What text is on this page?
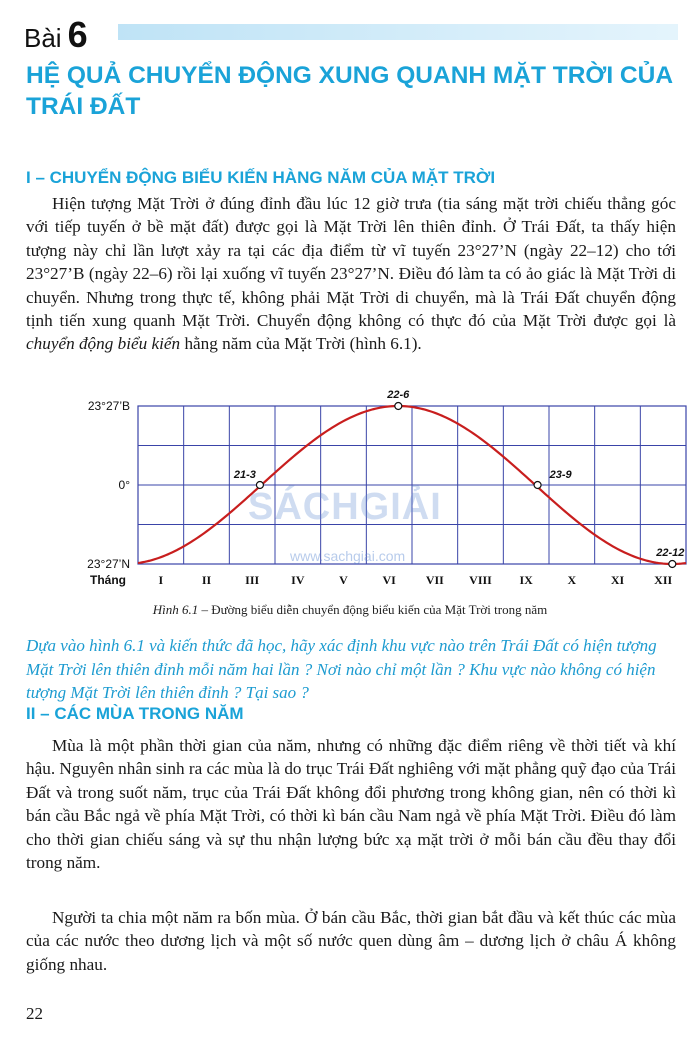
Bài 6
HỆ QUẢ CHUYỂN ĐỘNG XUNG QUANH MẶT TRỜI CỦA TRÁI ĐẤT
I – CHUYỂN ĐỘNG BIỂU KIẾN HÀNG NĂM CỦA MẶT TRỜI

Hiện tượng Mặt Trời ở đúng đỉnh đầu lúc 12 giờ trưa (tia sáng mặt trời chiếu thẳng góc với tiếp tuyến ở bề mặt đất) được gọi là Mặt Trời lên thiên đỉnh. Ở Trái Đất, ta thấy hiện tượng này chỉ lần lượt xảy ra tại các địa điểm từ vĩ tuyến 23°27’N (ngày 22–12) cho tới 23°27’B (ngày 22–6) rồi lại xuống vĩ tuyến 23°27’N. Điều đó làm ta có ảo giác là Mặt Trời di chuyển. Nhưng trong thực tế, không phải Mặt Trời di chuyển, mà là Trái Đất chuyển động tịnh tiến xung quanh Mặt Trời. Chuyển động không có thực đó của Mặt Trời được gọi là chuyển động biểu kiến hằng năm của Mặt Trời (hình 6.1).

23°27’B
0°
23°27’N
Tháng	I	II	III	IV	V	VI VII VIII IX	X	XI XII
21-3
22-6
23-9
22-12
SÁCHGIẢI
www.sachgiai.com
Hình 6.1 – Đường biểu diễn chuyển động biểu kiến của Mặt Trời trong năm

Dựa vào hình 6.1 và kiến thức đã học, hãy xác định khu vực nào trên Trái Đất có hiện tượng Mặt Trời lên thiên đỉnh mỗi năm hai lần ? Nơi nào chỉ một lần ? Khu vực nào không có hiện tượng Mặt Trời lên thiên đỉnh ? Tại sao ?

II – CÁC MÙA TRONG NĂM

Mùa là một phần thời gian của năm, nhưng có những đặc điểm riêng về thời tiết và khí hậu. Nguyên nhân sinh ra các mùa là do trục Trái Đất nghiêng với mặt phẳng quỹ đạo của Trái Đất và trong suốt năm, trục của Trái Đất không đổi phương trong không gian, nên có thời kì bán cầu Bắc ngả về phía Mặt Trời, có thời kì bán cầu Nam ngả về phía Mặt Trời. Điều đó làm cho thời gian chiếu sáng và sự thu nhận lượng bức xạ mặt trời ở mỗi bán cầu đều thay đổi trong năm.

Người ta chia một năm ra bốn mùa. Ở bán cầu Bắc, thời gian bắt đầu và kết thúc các mùa của các nước theo dương lịch và một số nước quen dùng âm – dương lịch ở châu Á không giống nhau.

22
